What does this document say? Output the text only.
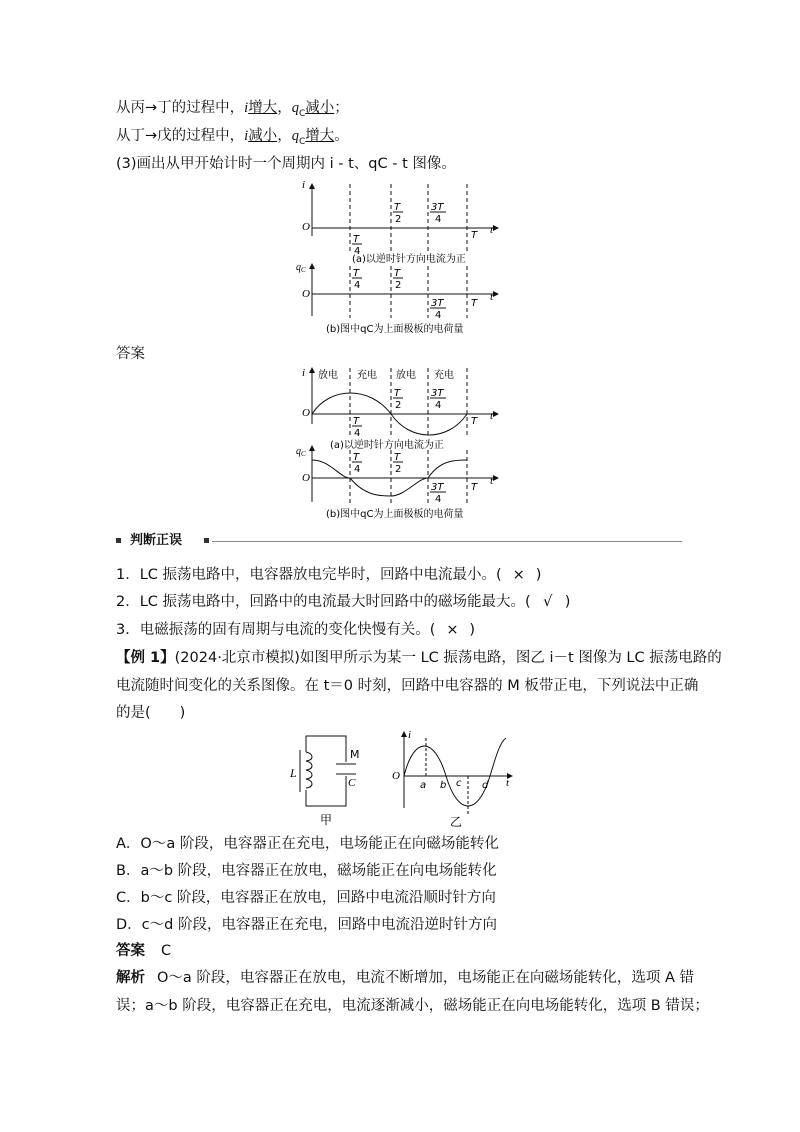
从丙→丁的过程中，i增大，$q_C$减小；
从丁→戊的过程中，i减小，$q_C$增大。
(3)画出从甲开始计时一个周期内 i - t、qC - t 图像。
i
t
O
T
4
T
2
3T
4
T
(a)以逆时针方向电流为正
$q_C$
t
O
T
4
T
2
3T
4
T
(b)图中qC为上面极板的电荷量
答案
i
t
O
放电 充电 放电 充电
T
4
T
2
3T
4
T
(a)以逆时针方向电流为正
$q_C$
t
O
T
4
T
2
3T
4
T
(b)图中qC为上面极板的电荷量
判断正误
1．LC 振荡电路中，电容器放电完毕时，回路中电流最小。( × )
2．LC 振荡电路中，回路中的电流最大时回路中的磁场能最大。( √ )
3．电磁振荡的固有周期与电流的变化快慢有关。( × )
【例 1】(2024·北京市模拟)如图甲所示为某一 LC 振荡电路，图乙 i－t 图像为 LC 振荡电路的
电流随时间变化的关系图像。在 t＝0 时刻，回路中电容器的 M 板带正电，下列说法中正确
的是(　　)
L
M
C
甲
i
t
O
a b c d
乙
A．O～a 阶段，电容器正在充电，电场能正在向磁场能转化
B．a～b 阶段，电容器正在放电，磁场能正在向电场能转化
C．b～c 阶段，电容器正在放电，回路中电流沿顺时针方向
D．c～d 阶段，电容器正在充电，回路中电流沿逆时针方向
答案 C
解析 O～a 阶段，电容器正在放电，电流不断增加，电场能正在向磁场能转化，选项 A 错
误；a～b 阶段，电容器正在充电，电流逐渐减小，磁场能正在向电场能转化，选项 B 错误；
